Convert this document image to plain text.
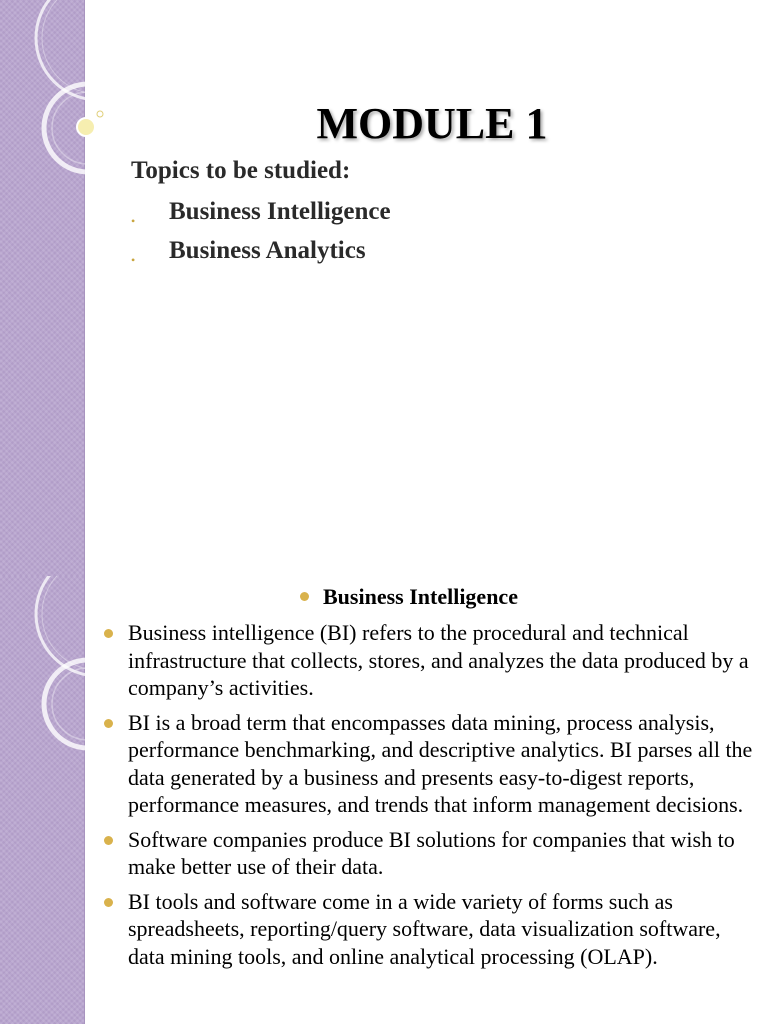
MODULE 1
Topics to be studied:
• Business Intelligence
• Business Analytics
Business Intelligence
Business intelligence (BI) refers to the procedural and technical infrastructure that collects, stores, and analyzes the data produced by a company’s activities.
BI is a broad term that encompasses data mining, process analysis, performance benchmarking, and descriptive analytics. BI parses all the data generated by a business and presents easy-to-digest reports, performance measures, and trends that inform management decisions.
Software companies produce BI solutions for companies that wish to make better use of their data.
BI tools and software come in a wide variety of forms such as spreadsheets, reporting/query software, data visualization software, data mining tools, and online analytical processing (OLAP).
